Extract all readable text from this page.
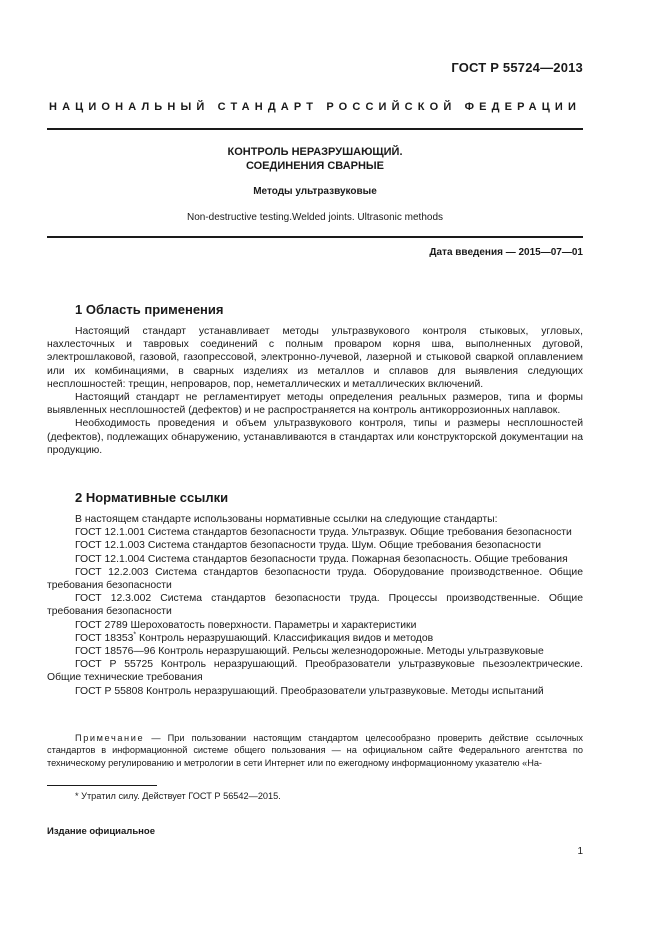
ГОСТ Р 55724—2013
НАЦИОНАЛЬНЫЙ СТАНДАРТ РОССИЙСКОЙ ФЕДЕРАЦИИ
КОНТРОЛЬ НЕРАЗРУШАЮЩИЙ.
СОЕДИНЕНИЯ СВАРНЫЕ
Методы ультразвуковые
Non-destructive testing.Welded joints. Ultrasonic methods
Дата введения — 2015—07—01
1 Область применения

Настоящий стандарт устанавливает методы ультразвукового контроля стыковых, угловых, нахлесточных и тавровых соединений с полным проваром корня шва, выполненных дуговой, электрошлаковой, газовой, газопрессовой, электронно-лучевой, лазерной и стыковой сваркой оплавлением или их комбинациями, в сварных изделиях из металлов и сплавов для выявления следующих несплошностей: трещин, непроваров, пор, неметаллических и металлических включений.

Настоящий стандарт не регламентирует методы определения реальных размеров, типа и формы выявленных несплошностей (дефектов) и не распространяется на контроль антикоррозионных наплавок.

Необходимость проведения и объем ультразвукового контроля, типы и размеры несплошностей (дефектов), подлежащих обнаружению, устанавливаются в стандартах или конструкторской документации на продукцию.

2 Нормативные ссылки

В настоящем стандарте использованы нормативные ссылки на следующие стандарты:

ГОСТ 12.1.001 Система стандартов безопасности труда. Ультразвук. Общие требования безопасности

ГОСТ 12.1.003 Система стандартов безопасности труда. Шум. Общие требования безопасности

ГОСТ 12.1.004 Система стандартов безопасности труда. Пожарная безопасность. Общие требования

ГОСТ 12.2.003 Система стандартов безопасности труда. Оборудование производственное. Общие требования безопасности

ГОСТ 12.3.002 Система стандартов безопасности труда. Процессы производственные. Общие требования безопасности

ГОСТ 2789 Шероховатость поверхности. Параметры и характеристики

ГОСТ 18353* Контроль неразрушающий. Классификация видов и методов

ГОСТ 18576—96 Контроль неразрушающий. Рельсы железнодорожные. Методы ультразвуковые

ГОСТ Р 55725 Контроль неразрушающий. Преобразователи ультразвуковые пьезоэлектрические. Общие технические требования

ГОСТ Р 55808 Контроль неразрушающий. Преобразователи ультразвуковые. Методы испытаний

Примечание — При пользовании настоящим стандартом целесообразно проверить действие ссылочных стандартов в информационной системе общего пользования — на официальном сайте Федерального агентства по техническому регулированию и метрологии в сети Интернет или по ежегодному информационному указателю «На-
* Утратил силу. Действует ГОСТ Р 56542—2015.
Издание официальное
1
